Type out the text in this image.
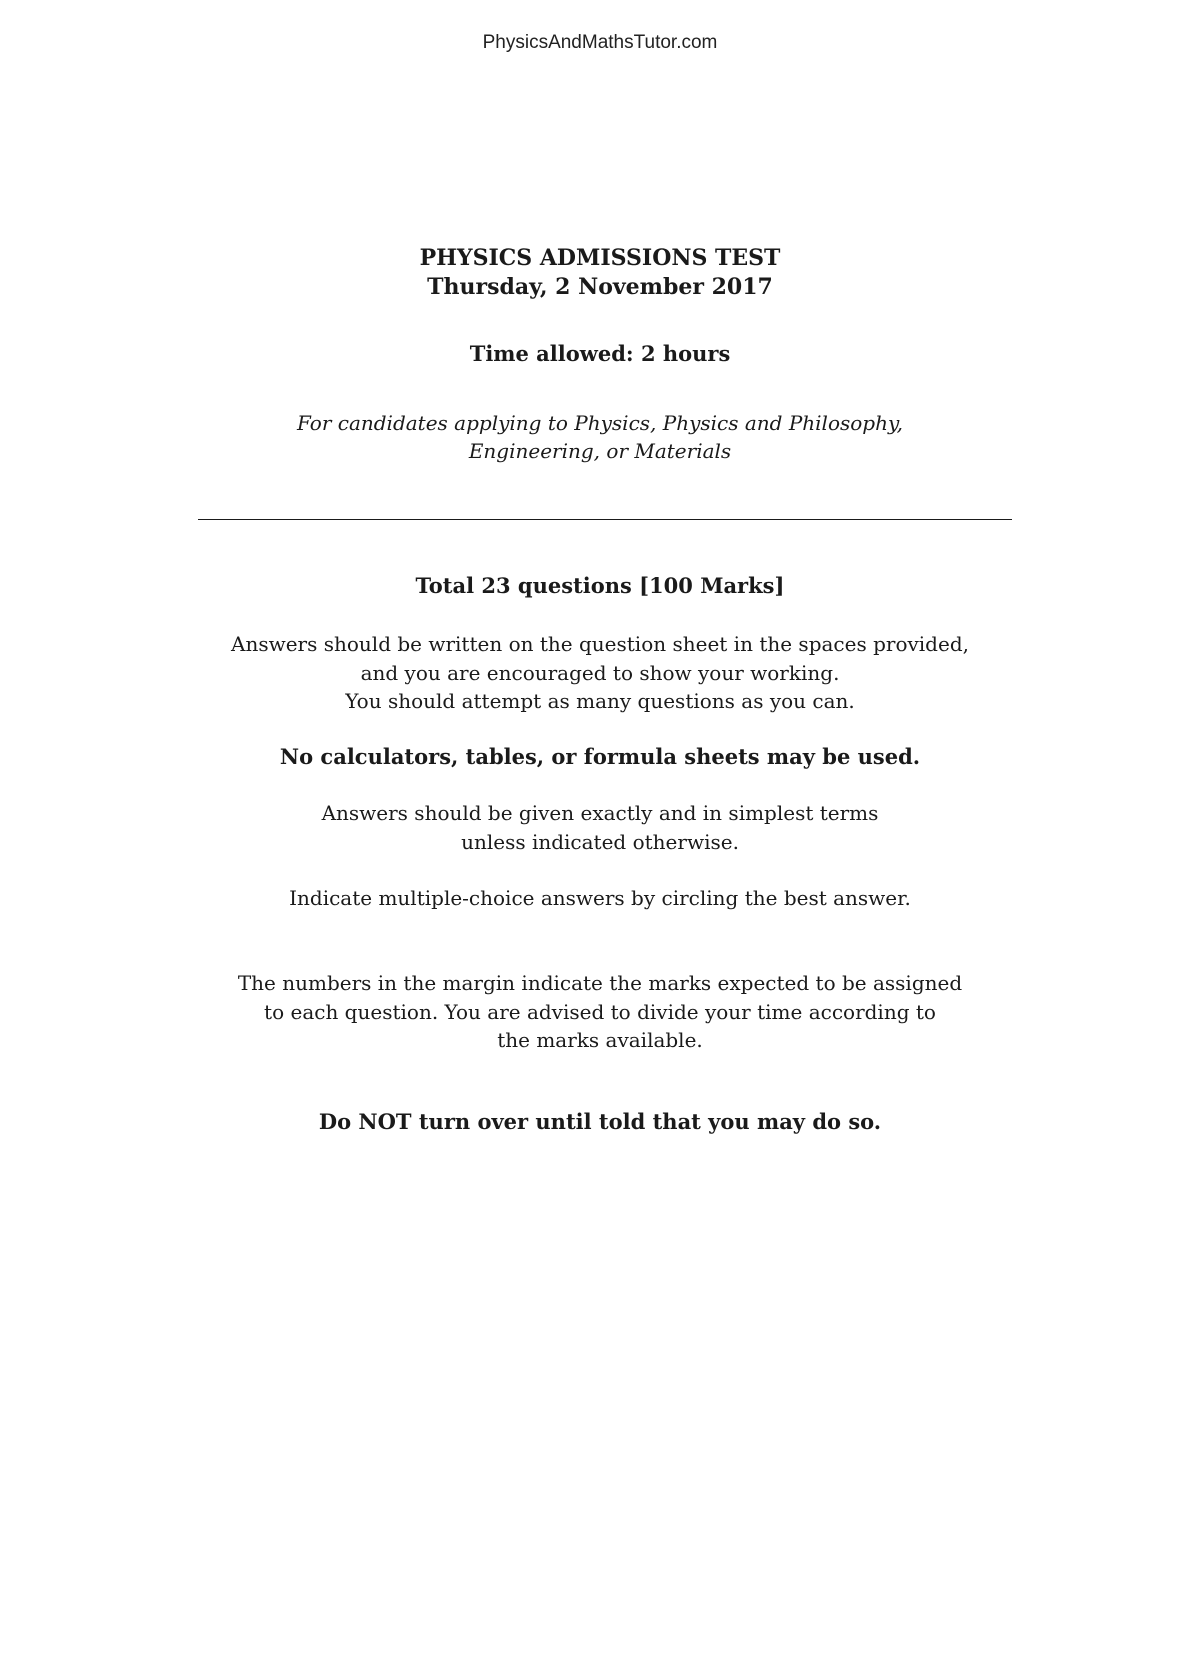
PhysicsAndMathsTutor.com
PHYSICS ADMISSIONS TEST
Thursday, 2 November 2017
Time allowed: 2 hours
For candidates applying to Physics, Physics and Philosophy,
Engineering, or Materials
Total 23 questions [100 Marks]
Answers should be written on the question sheet in the spaces provided,
and you are encouraged to show your working.
You should attempt as many questions as you can.
No calculators, tables, or formula sheets may be used.
Answers should be given exactly and in simplest terms
unless indicated otherwise.
Indicate multiple-choice answers by circling the best answer.
The numbers in the margin indicate the marks expected to be assigned
to each question. You are advised to divide your time according to
the marks available.
Do NOT turn over until told that you may do so.
